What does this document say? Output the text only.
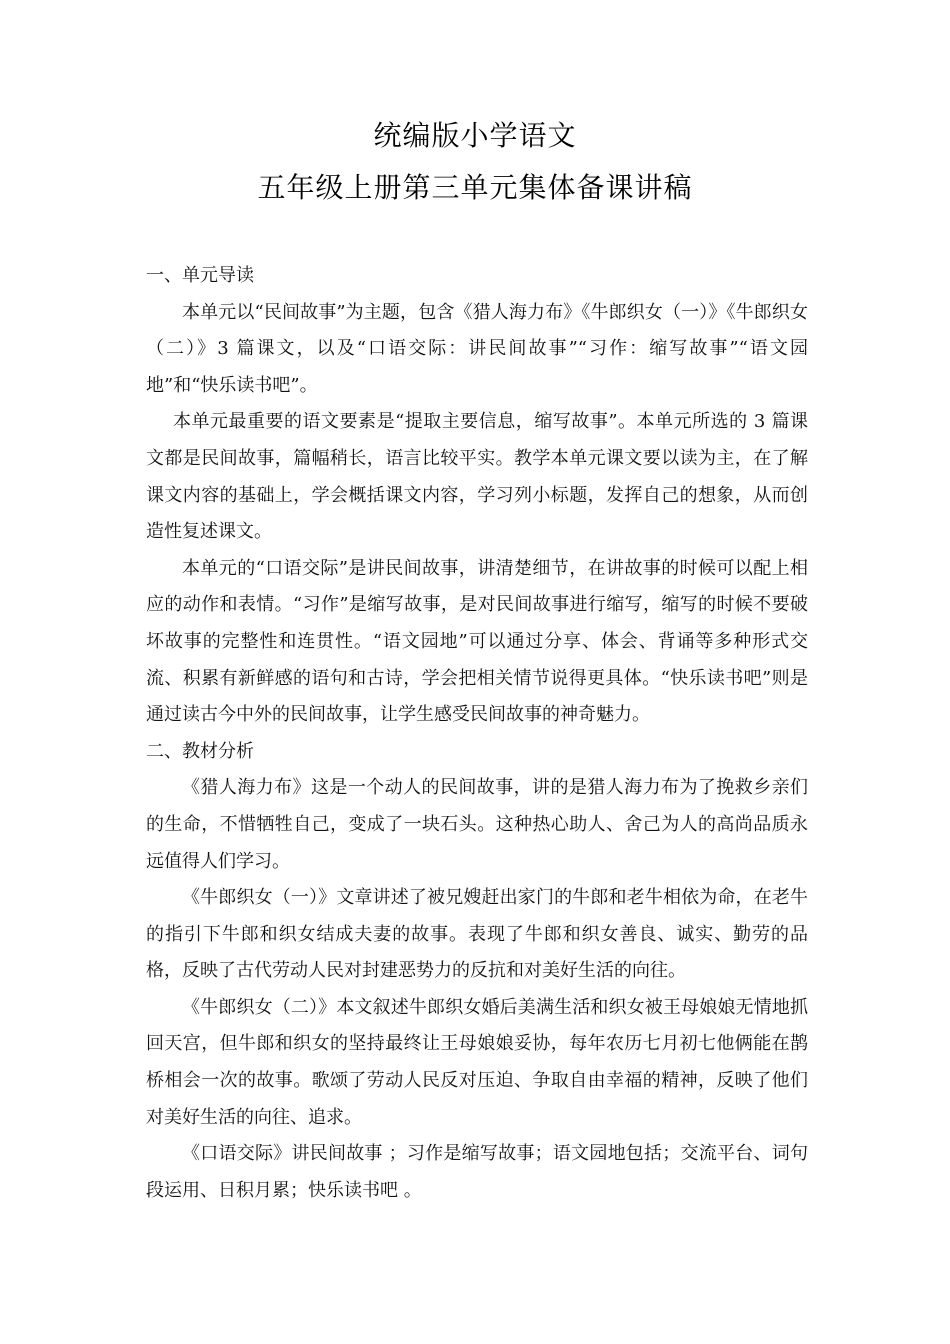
统编版小学语文
五年级上册第三单元集体备课讲稿

一、单元导读

本单元以“民间故事”为主题，包含《猎人海力布》《牛郎织女（一）》《牛郎织女（二）》3 篇课文，以及“口语交际：讲民间故事”“习作：缩写故事”“语文园地”和“快乐读书吧”。

本单元最重要的语文要素是“提取主要信息，缩写故事”。本单元所选的 3 篇课文都是民间故事，篇幅稍长，语言比较平实。教学本单元课文要以读为主，在了解课文内容的基础上，学会概括课文内容，学习列小标题，发挥自己的想象，从而创造性复述课文。

本单元的“口语交际”是讲民间故事，讲清楚细节，在讲故事的时候可以配上相应的动作和表情。“习作”是缩写故事，是对民间故事进行缩写，缩写的时候不要破坏故事的完整性和连贯性。“语文园地”可以通过分享、体会、背诵等多种形式交流、积累有新鲜感的语句和古诗，学会把相关情节说得更具体。“快乐读书吧”则是通过读古今中外的民间故事，让学生感受民间故事的神奇魅力。

二、教材分析

《猎人海力布》这是一个动人的民间故事，讲的是猎人海力布为了挽救乡亲们的生命，不惜牺牲自己，变成了一块石头。这种热心助人、舍己为人的高尚品质永远值得人们学习。

《牛郎织女（一）》文章讲述了被兄嫂赶出家门的牛郎和老牛相依为命，在老牛的指引下牛郎和织女结成夫妻的故事。表现了牛郎和织女善良、诚实、勤劳的品格，反映了古代劳动人民对封建恶势力的反抗和对美好生活的向往。

《牛郎织女（二）》本文叙述牛郎织女婚后美满生活和织女被王母娘娘无情地抓回天宫，但牛郎和织女的坚持最终让王母娘娘妥协，每年农历七月初七他俩能在鹊桥相会一次的故事。歌颂了劳动人民反对压迫、争取自由幸福的精神，反映了他们对美好生活的向往、追求。

《口语交际》讲民间故事 ；习作是缩写故事；语文园地包括；交流平台、词句段运用、日积月累；快乐读书吧 。
